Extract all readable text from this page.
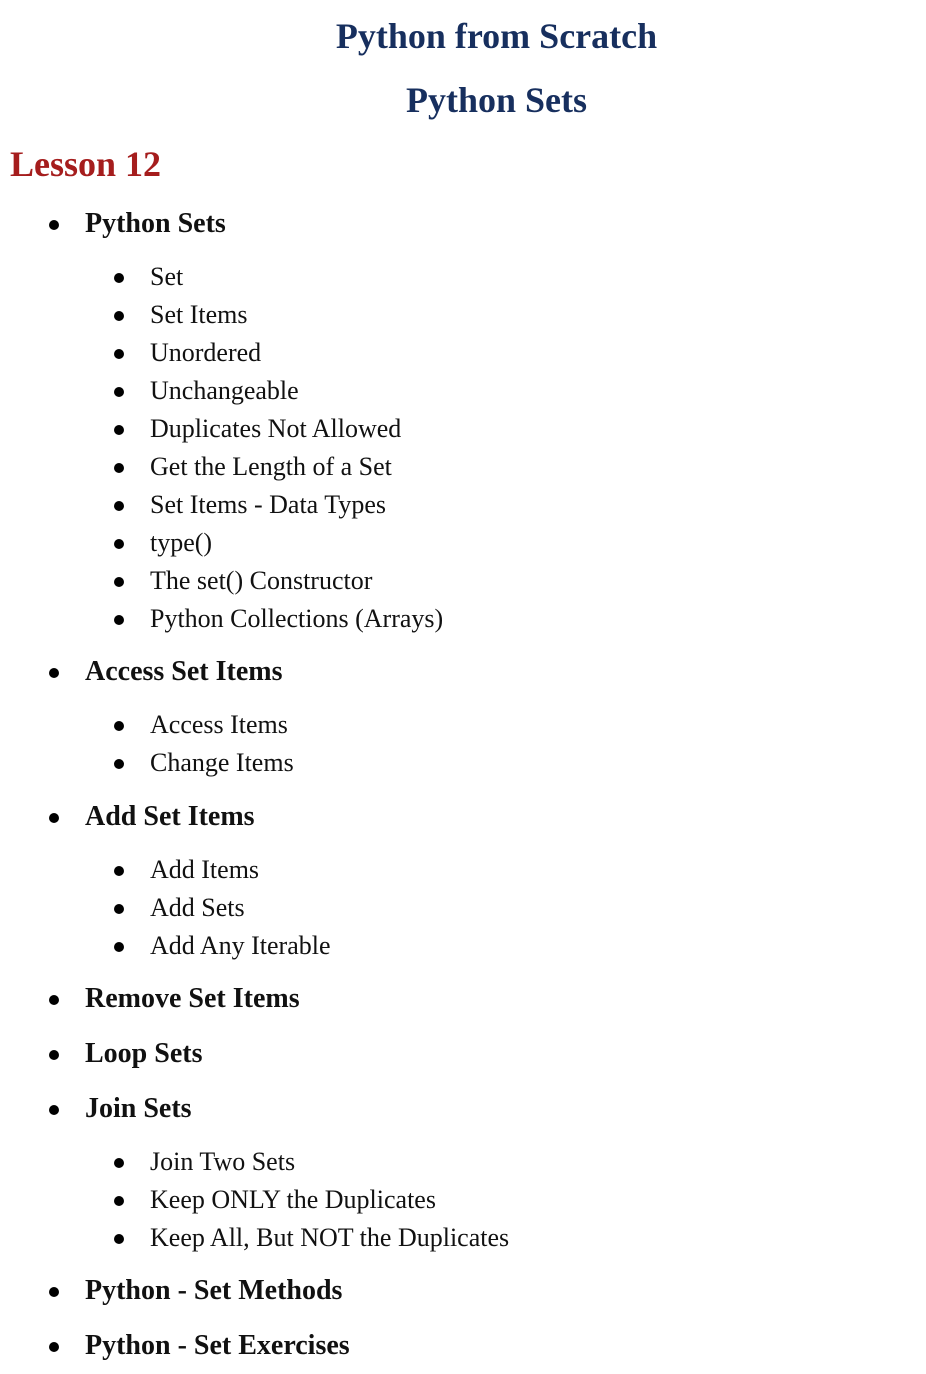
Python from Scratch
Python Sets
Lesson 12
Python Sets
Set
Set Items
Unordered
Unchangeable
Duplicates Not Allowed
Get the Length of a Set
Set Items - Data Types
type()
The set() Constructor
Python Collections (Arrays)
Access Set Items
Access Items
Change Items
Add Set Items
Add Items
Add Sets
Add Any Iterable
Remove Set Items
Loop Sets
Join Sets
Join Two Sets
Keep ONLY the Duplicates
Keep All, But NOT the Duplicates
Python - Set Methods
Python - Set Exercises
